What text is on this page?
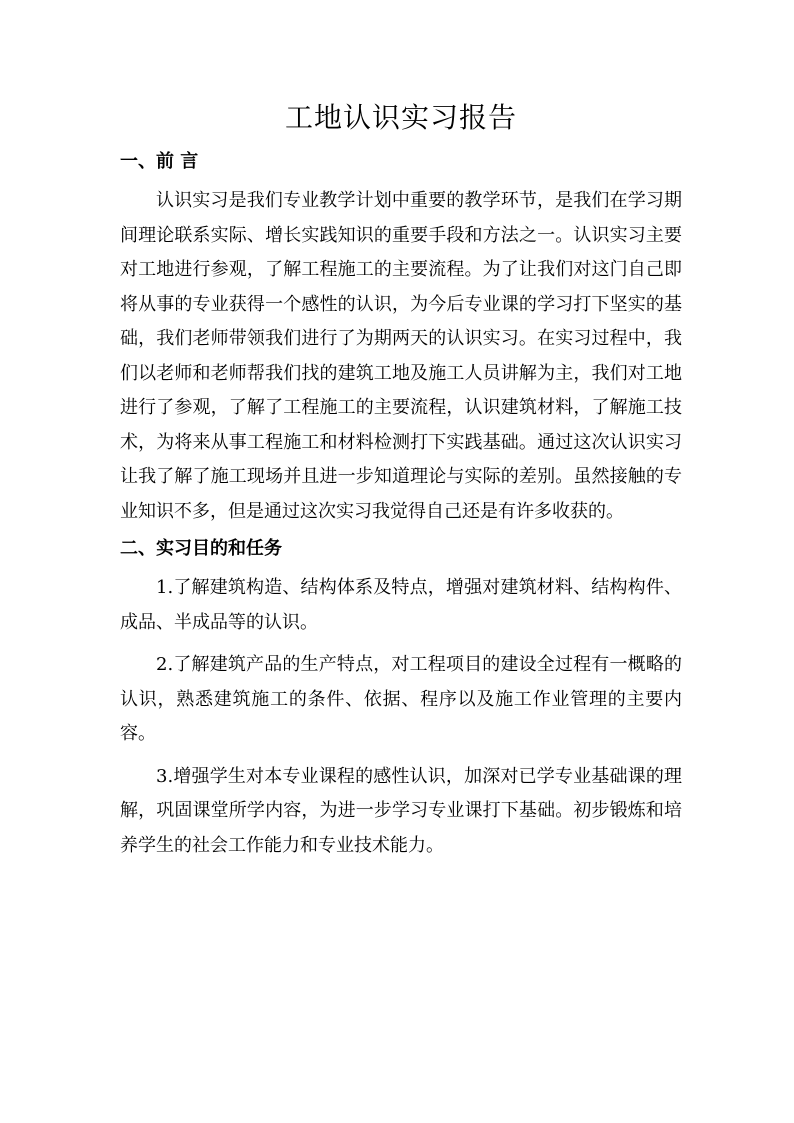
工地认识实习报告
一、前 言

认识实习是我们专业教学计划中重要的教学环节，是我们在学习期间理论联系实际、增长实践知识的重要手段和方法之一。认识实习主要对工地进行参观，了解工程施工的主要流程。为了让我们对这门自己即将从事的专业获得一个感性的认识，为今后专业课的学习打下坚实的基础，我们老师带领我们进行了为期两天的认识实习。在实习过程中，我们以老师和老师帮我们找的建筑工地及施工人员讲解为主，我们对工地进行了参观，了解了工程施工的主要流程，认识建筑材料，了解施工技术，为将来从事工程施工和材料检测打下实践基础。通过这次认识实习让我了解了施工现场并且进一步知道理论与实际的差别。虽然接触的专业知识不多，但是通过这次实习我觉得自己还是有许多收获的。

二、实习目的和任务

1.了解建筑构造、结构体系及特点，增强对建筑材料、结构构件、成品、半成品等的认识。

2.了解建筑产品的生产特点，对工程项目的建设全过程有一概略的认识，熟悉建筑施工的条件、依据、程序以及施工作业管理的主要内容。

3.增强学生对本专业课程的感性认识，加深对已学专业基础课的理解，巩固课堂所学内容，为进一步学习专业课打下基础。初步锻炼和培养学生的社会工作能力和专业技术能力。
